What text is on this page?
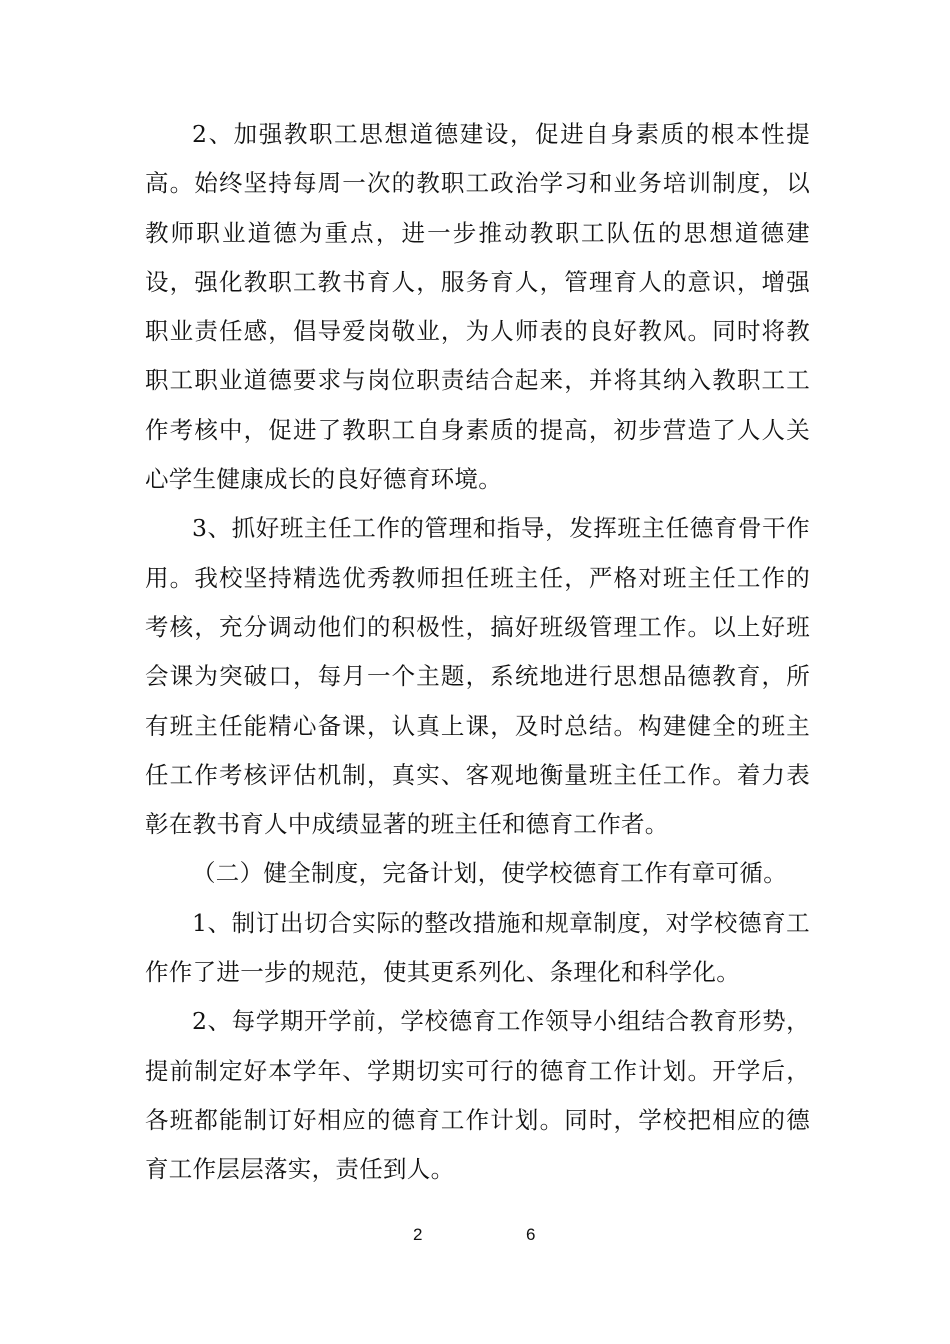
2、加强教职工思想道德建设，促进自身素质的根本性提高。始终坚持每周一次的教职工政治学习和业务培训制度，以教师职业道德为重点，进一步推动教职工队伍的思想道德建设，强化教职工教书育人，服务育人，管理育人的意识，增强职业责任感，倡导爱岗敬业，为人师表的良好教风。同时将教职工职业道德要求与岗位职责结合起来，并将其纳入教职工工作考核中，促进了教职工自身素质的提高，初步营造了人人关心学生健康成长的良好德育环境。

3、抓好班主任工作的管理和指导，发挥班主任德育骨干作用。我校坚持精选优秀教师担任班主任，严格对班主任工作的考核，充分调动他们的积极性，搞好班级管理工作。以上好班会课为突破口，每月一个主题，系统地进行思想品德教育，所有班主任能精心备课，认真上课，及时总结。构建健全的班主任工作考核评估机制，真实、客观地衡量班主任工作。着力表彰在教书育人中成绩显著的班主任和德育工作者。

（二）健全制度，完备计划，使学校德育工作有章可循。

1、制订出切合实际的整改措施和规章制度，对学校德育工作作了进一步的规范，使其更系列化、条理化和科学化。

2、每学期开学前，学校德育工作领导小组结合教育形势，提前制定好本学年、学期切实可行的德育工作计划。开学后，各班都能制订好相应的德育工作计划。同时，学校把相应的德育工作层层落实，责任到人。

2	6
